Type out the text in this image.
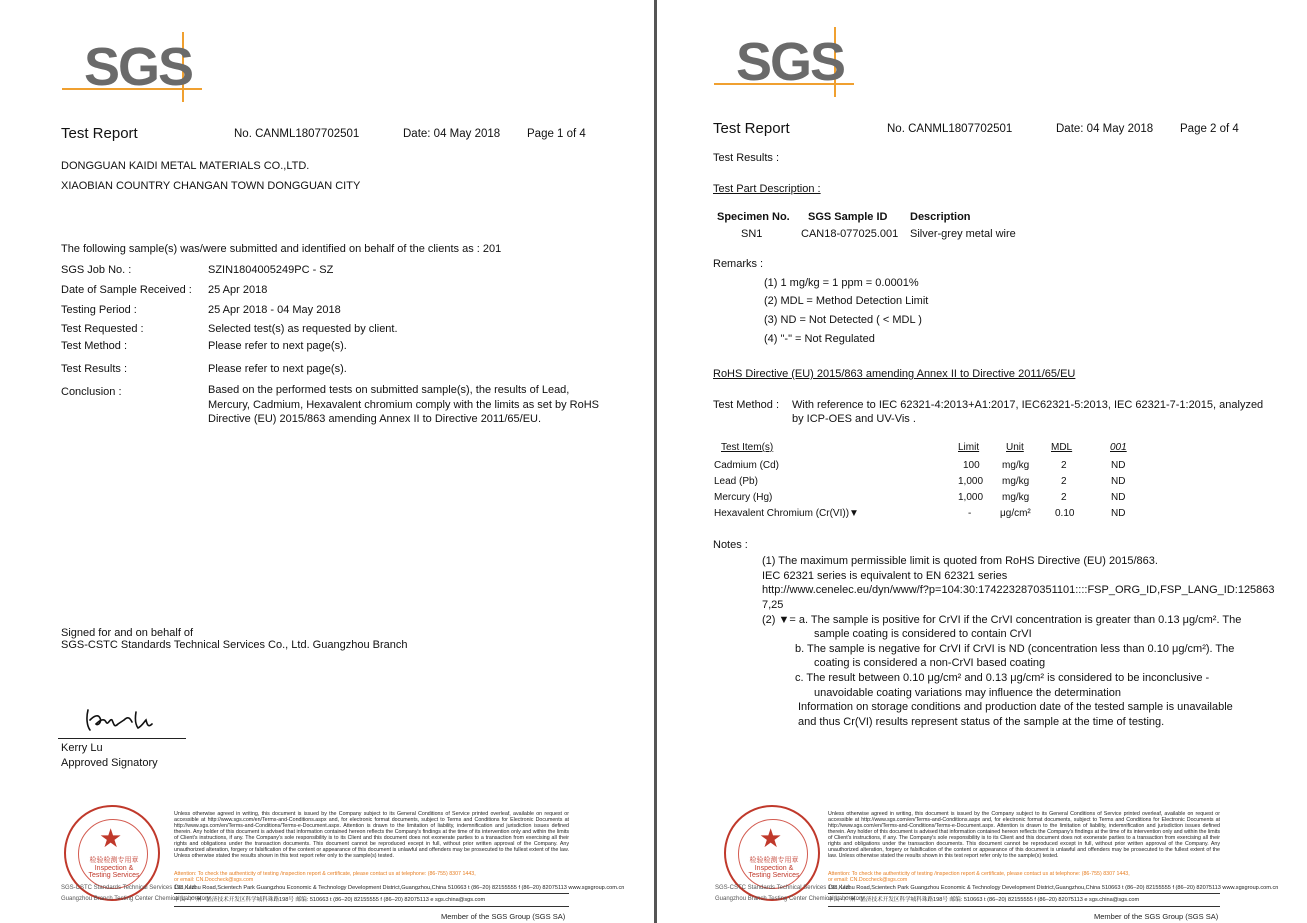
SGS
Test Report	No. CANML1807702501	Date: 04 May 2018 Page 1 of 4
DONGGUAN KAIDI METAL MATERIALS CO.,LTD.
XIAOBIAN COUNTRY CHANGAN TOWN DONGGUAN CITY
The following sample(s) was/were submitted and identified on behalf of the clients as : 201
SGS Job No. :	SZIN1804005249PC - SZ
Date of Sample Received : 25 Apr 2018
Testing Period :	25 Apr 2018 - 04 May 2018
Test Requested :	Selected test(s) as requested by client.
Test Method :	Please refer to next page(s).
Test Results :	Please refer to next page(s).
Conclusion :	Based on the performed tests on submitted sample(s), the results of Lead,
Mercury, Cadmium, Hexavalent chromium comply with the limits as set by RoHS
Directive (EU) 2015/863 amending Annex II to Directive 2011/65/EU.
Signed for and on behalf of
SGS-CSTC Standards Technical Services Co., Ltd. Guangzhou Branch
Kerry Lu
Approved Signatory
★
检验检测专用章 Inspection & Testing Services
SGS-CSTC Standards Technical Services Co., Ltd.
Guangzhou Branch Testing Center Chemical Laboratory
Unless otherwise agreed in writing, this document is issued by the Company subject to its General Conditions of Service printed overleaf, available on request or accessible at http://www.sgs.com/en/Terms-and-Conditions.aspx and, for electronic format documents, subject to Terms and Conditions for Electronic Documents at http://www.sgs.com/en/Terms-and-Conditions/Terms-e-Document.aspx. Attention is drawn to the limitation of liability, indemnification and jurisdiction issues defined therein. Any holder of this document is advised that information contained hereon reflects the Company's findings at the time of its intervention only and within the limits of Client's instructions, if any. The Company's sole responsibility is to its Client and this document does not exonerate parties to a transaction from exercising all their rights and obligations under the transaction documents. This document cannot be reproduced except in full, without prior written approval of the Company. Any unauthorized alteration, forgery or falsification of the content or appearance of this document is unlawful and offenders may be prosecuted to the fullest extent of the law. Unless otherwise stated the results shown in this test report refer only to the sample(s) tested.
Attention: To check the authenticity of testing /inspection report & certificate, please contact us at telephone: (86-755) 8307 1443,
or email: CN.Doccheck@sgs.com
198 Kezhu Road,Scientech Park Guangzhou Economic & Technology Development District,Guangzhou,China 510663 t (86–20) 82155555 f (86–20) 82075113 www.sgsgroup.com.cn
中国 · 广州 · 经济技术开发区科学城科珠路198号 邮编: 510663 t (86–20) 82155555 f (86–20) 82075113 e sgs.china@sgs.com
Member of the SGS Group (SGS SA)
SGS
Test Report	No. CANML1807702501	Date: 04 May 2018 Page 2 of 4
Test Results :
Test Part Description :
Specimen No. SGS Sample ID Description
SN1	CAN18-077025.001 Silver-grey metal wire
Remarks :
(1) 1 mg/kg = 1 ppm = 0.0001%
(2) MDL = Method Detection Limit
(3) ND = Not Detected ( < MDL )
(4) "-" = Not Regulated
RoHS Directive (EU) 2015/863 amending Annex II to Directive 2011/65/EU
Test Method : With reference to IEC 62321-4:2013+A1:2017, IEC62321-5:2013, IEC 62321-7-1:2015, analyzed
by ICP-OES and UV-Vis .
Test Item(s)	Limit	Unit	MDL	001
Cadmium (Cd)	100 mg/kg	2	ND
Lead (Pb)	1,000 mg/kg	2	ND
Mercury (Hg)	1,000 mg/kg	2	ND
Hexavalent Chromium (Cr(VI))▼	-	μg/cm² 0.10	ND
Notes :
(1) The maximum permissible limit is quoted from RoHS Directive (EU) 2015/863.
IEC 62321 series is equivalent to EN 62321 series
http://www.cenelec.eu/dyn/www/f?p=104:30:1742232870351101::::FSP_ORG_ID,FSP_LANG_ID:125863
7,25
(2) ▼= a. The sample is positive for CrVI if the CrVI concentration is greater than 0.13 μg/cm². The
sample coating is considered to contain CrVI
b. The sample is negative for CrVI if CrVI is ND (concentration less than 0.10 μg/cm²). The
coating is considered a non-CrVI based coating
c. The result between 0.10 μg/cm² and 0.13 μg/cm² is considered to be inconclusive -
unavoidable coating variations may influence the determination
Information on storage conditions and production date of the tested sample is unavailable
and thus Cr(VI) results represent status of the sample at the time of testing.
★
检验检测专用章 Inspection & Testing Services
SGS-CSTC Standards Technical Services Co., Ltd.
Guangzhou Branch Testing Center Chemical Laboratory
Unless otherwise agreed in writing, this document is issued by the Company subject to its General Conditions of Service printed overleaf, available on request or accessible at http://www.sgs.com/en/Terms-and-Conditions.aspx and, for electronic format documents, subject to Terms and Conditions for Electronic Documents at http://www.sgs.com/en/Terms-and-Conditions/Terms-e-Document.aspx. Attention is drawn to the limitation of liability, indemnification and jurisdiction issues defined therein. Any holder of this document is advised that information contained hereon reflects the Company's findings at the time of its intervention only and within the limits of Client's instructions, if any. The Company's sole responsibility is to its Client and this document does not exonerate parties to a transaction from exercising all their rights and obligations under the transaction documents. This document cannot be reproduced except in full, without prior written approval of the Company. Any unauthorized alteration, forgery or falsification of the content or appearance of this document is unlawful and offenders may be prosecuted to the fullest extent of the law. Unless otherwise stated the results shown in this test report refer only to the sample(s) tested.
Attention: To check the authenticity of testing /inspection report & certificate, please contact us at telephone: (86-755) 8307 1443,
or email: CN.Doccheck@sgs.com
198 Kezhu Road,Scientech Park Guangzhou Economic & Technology Development District,Guangzhou,China 510663 t (86–20) 82155555 f (86–20) 82075113 www.sgsgroup.com.cn
中国 · 广州 · 经济技术开发区科学城科珠路198号 邮编: 510663 t (86–20) 82155555 f (86–20) 82075113 e sgs.china@sgs.com
Member of the SGS Group (SGS SA)
